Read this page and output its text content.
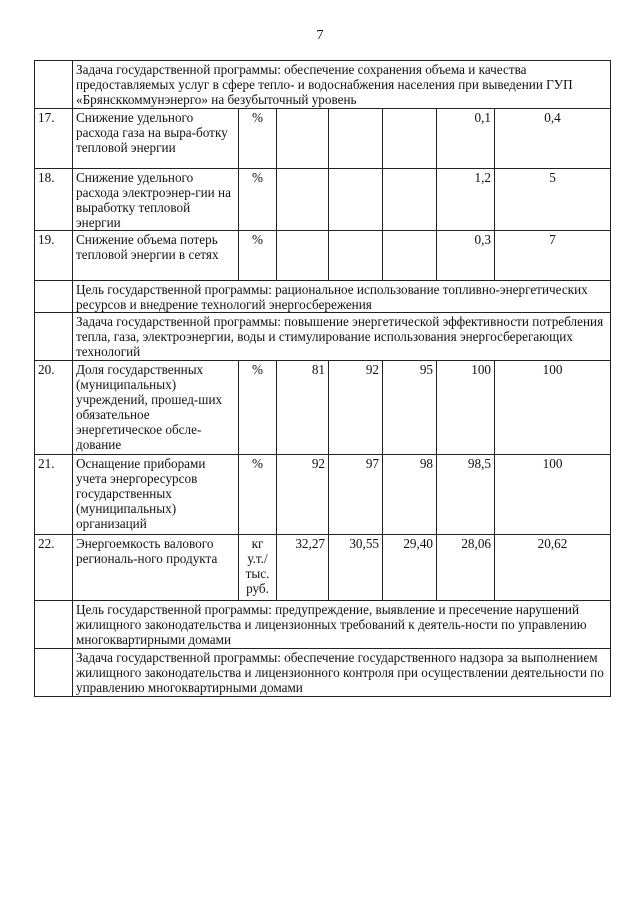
7
	Задача государственной программы: обеспечение сохранения объема и качества предоставляемых услуг в сфере тепло- и водоснабжения населения при выведении ГУП «Брянсккоммунэнерго» на безубыточный уровень						
17.	Снижение удельного расхода газа на выра-ботку тепловой энергии	%				0,1	0,4
18.	Снижение удельного расхода электроэнер-гии на выработку тепловой энергии	%				1,2	5
19.	Снижение объема потерь тепловой энергии в сетях	%				0,3	7
	Цель государственной программы: рациональное использование топливно-энергетических ресурсов и внедрение технологий энергосбережения						
	Задача государственной программы: повышение энергетической эффективности потребления тепла, газа, электроэнергии, воды и стимулирование использования энергосберегающих технологий						
20.	Доля государственных (муниципальных) учреждений, прошед-ших обязательное энергетическое обсле-дование	%	81	92	95	100	100
21.	Оснащение приборами учета энергоресурсов государственных (муниципальных) организаций	%	92	97	98	98,5	100
22.	Энергоемкость валового региональ-ного продукта	кг у.т./ тыс. руб.	32,27	30,55	29,40	28,06	20,62
	Цель государственной программы: предупреждение, выявление и пресечение нарушений жилищного законодательства и лицензионных требований к деятель-ности по управлению многоквартирными домами						
	Задача государственной программы: обеспечение государственного надзора за выполнением жилищного законодательства и лицензионного контроля при осуществлении деятельности по управлению многоквартирными домами						
